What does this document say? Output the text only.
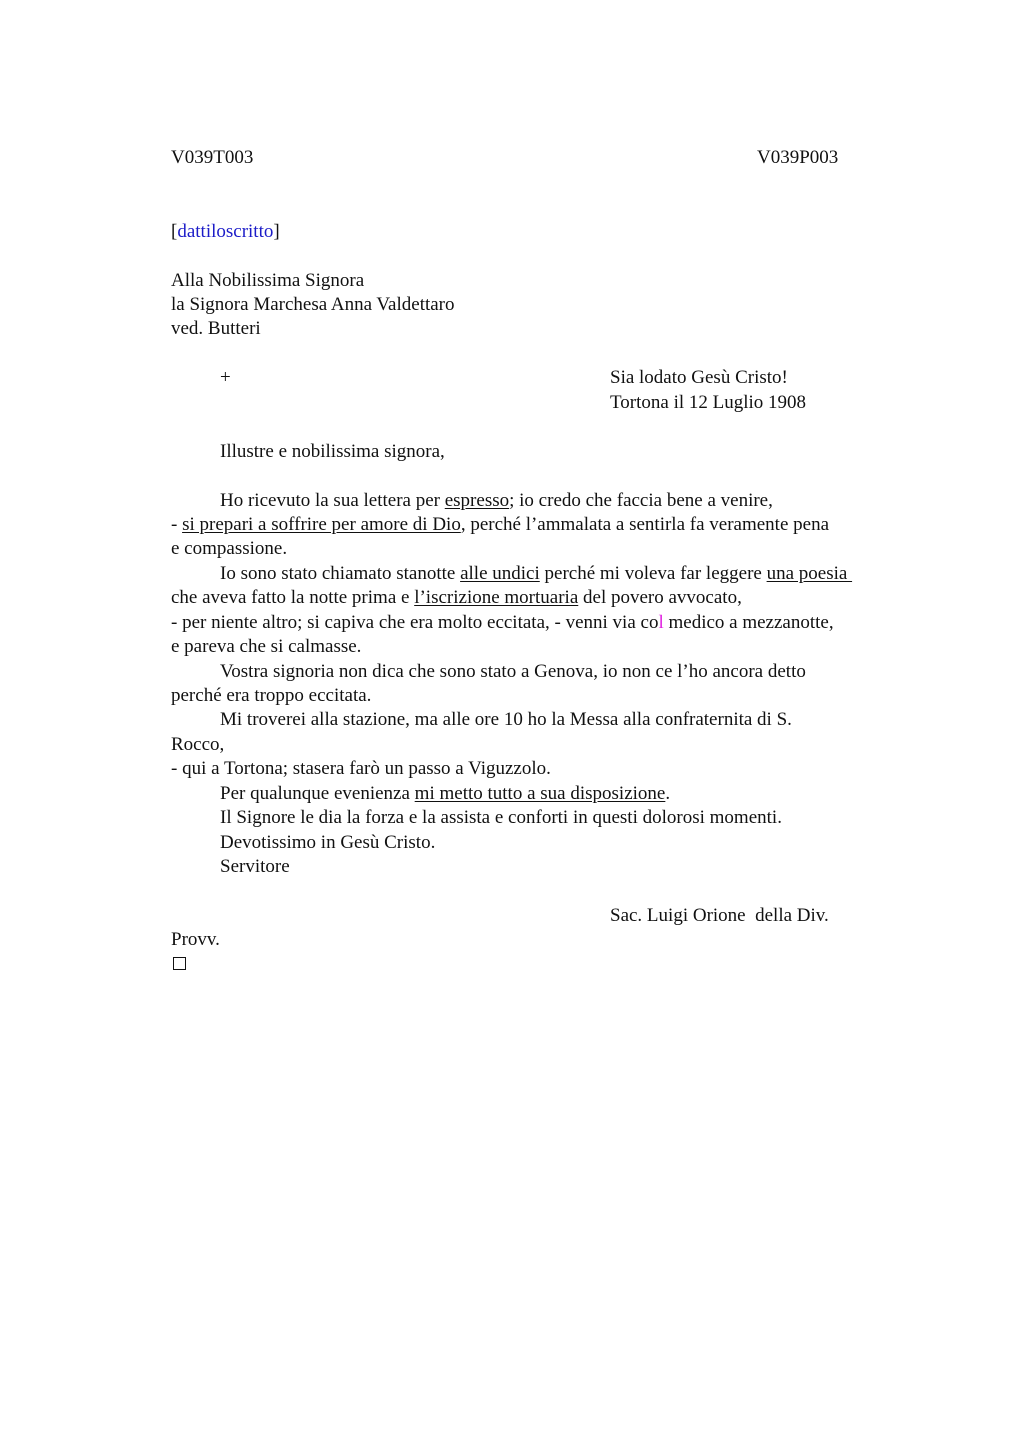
V039T003	V039P003
[dattiloscritto]
Alla Nobilissima Signora
la Signora Marchesa Anna Valdettaro
ved. Butteri
+	Sia lodato Gesù Cristo!
Tortona il 12 Luglio 1908
Illustre e nobilissima signora,
Ho ricevuto la sua lettera per espresso; io credo che faccia bene a venire,
- si prepari a soffrire per amore di Dio, perché l’ammalata a sentirla fa veramente pena
e compassione.
Io sono stato chiamato stanotte alle undici perché mi voleva far leggere una poesia
che aveva fatto la notte prima e l’iscrizione mortuaria del povero avvocato,
- per niente altro; si capiva che era molto eccitata, - venni via col medico a mezzanotte,
e pareva che si calmasse.
Vostra signoria non dica che sono stato a Genova, io non ce l’ho ancora detto
perché era troppo eccitata.
Mi troverei alla stazione, ma alle ore 10 ho la Messa alla confraternita di S.
Rocco,
- qui a Tortona; stasera farò un passo a Viguzzolo.
Per qualunque evenienza mi metto tutto a sua disposizione.
Il Signore le dia la forza e la assista e conforti in questi dolorosi momenti.
Devotissimo in Gesù Cristo.
Servitore
Sac. Luigi Orione  della Div.
Provv.
